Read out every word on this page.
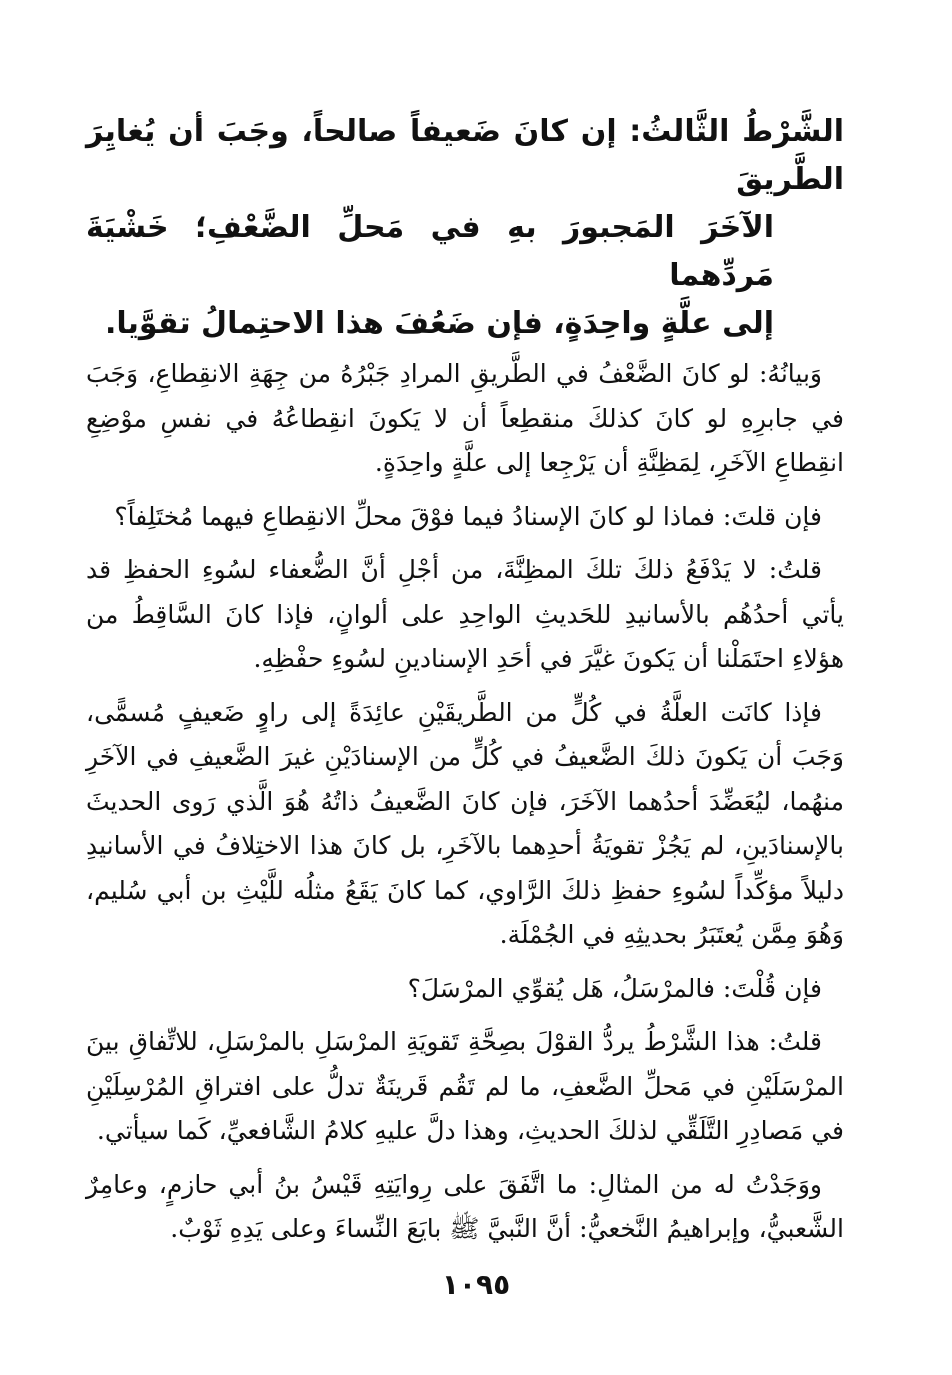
الشَّرْطُ الثَّالثُ: إن كانَ ضَعيفاً صالحاً، وجَبَ أن يُغايِرَ الطَّريقَ
الآخَرَ المَجبورَ بهِ في مَحلِّ الضَّعْفِ؛ خَشْيَةَ مَردِّهما
إلى علَّةٍ واحِدَةٍ، فإن ضَعُفَ هذا الاحتِمالُ تقوَّيا.

وَبيانُهُ: لو كانَ الضَّعْفُ في الطَّريقِ المرادِ جَبْرُهُ من جِهَةِ الانقِطاعِ، وَجَبَ في جابرِهِ لو كانَ كذلكَ منقطِعاً أن لا يَكونَ انقِطاعُهُ في نفسِ موْضِعِ انقِطاعِ الآخَرِ، لِمَظِنَّةِ أن يَرْجِعا إلى علَّةٍ واحِدَةٍ.

فإن قلتَ: فماذا لو كانَ الإسنادُ فيما فوْقَ محلِّ الانقِطاعِ فيهما مُختَلِفاً؟

قلتُ: لا يَدْفَعُ ذلكَ تلكَ المظِنَّةَ، من أجْلِ أنَّ الضُّعفاء لسُوءِ الحفظِ قد يأتي أحدُهُم بالأسانيدِ للحَديثِ الواحِدِ على ألوانٍ، فإذا كانَ السَّاقِطُ من هؤلاءِ احتَمَلْنا أن يَكونَ غيَّرَ في أحَدِ الإسنادينِ لسُوءِ حفْظِهِ.

فإذا كانَت العلَّةُ في كُلٍّ من الطَّريقَيْنِ عائِدَةً إلى راوٍ ضَعيفٍ مُسمًّى، وَجَبَ أن يَكونَ ذلكَ الضَّعيفُ في كُلٍّ من الإسنادَيْنِ غيرَ الضَّعيفِ في الآخَرِ منهُما، ليُعَضِّدَ أحدُهما الآخَرَ، فإن كانَ الضَّعيفُ ذاتُهُ هُوَ الَّذي رَوى الحديثَ بالإسنادَينِ، لم يَجُزْ تقويَةُ أحدِهما بالآخَرِ، بل كانَ هذا الاختِلافُ في الأسانيدِ دليلاً مؤكِّداً لسُوءِ حفظِ ذلكَ الرَّاوي، كما كانَ يَقَعُ مثلُه للَّيْثِ بن أبي سُليم، وَهُوَ مِمَّن يُعتَبَرُ بحديثِهِ في الجُمْلَة.

فإن قُلْتَ: فالمرْسَلُ، هَل يُقوِّي المرْسَلَ؟

قلتُ: هذا الشَّرْطُ يردُّ القوْلَ بصِحَّةِ تَقويَةِ المرْسَلِ بالمرْسَلِ، للاتِّفاقِ بينَ المرْسَلَيْنِ في مَحلِّ الضَّعفِ، ما لم تَقُم قَرينَةٌ تدلُّ على افتراقِ المُرْسِلَيْنِ في مَصادِرِ التَّلَقِّي لذلكَ الحديثِ، وهذا دلَّ عليهِ كلامُ الشَّافعيِّ، كَما سيأتي.

ووَجَدْتُ له من المثالِ: ما اتَّفَقَ على رِوايَتِهِ قَيْسُ بنُ أبي حازمٍ، وعامِرٌ الشَّعبيُّ، وإبراهيمُ النَّخعيُّ: أنَّ النَّبيَّ ﷺ بايَعَ النِّساءَ وعلى يَدِهِ ثَوْبٌ.

١٠٩٥
